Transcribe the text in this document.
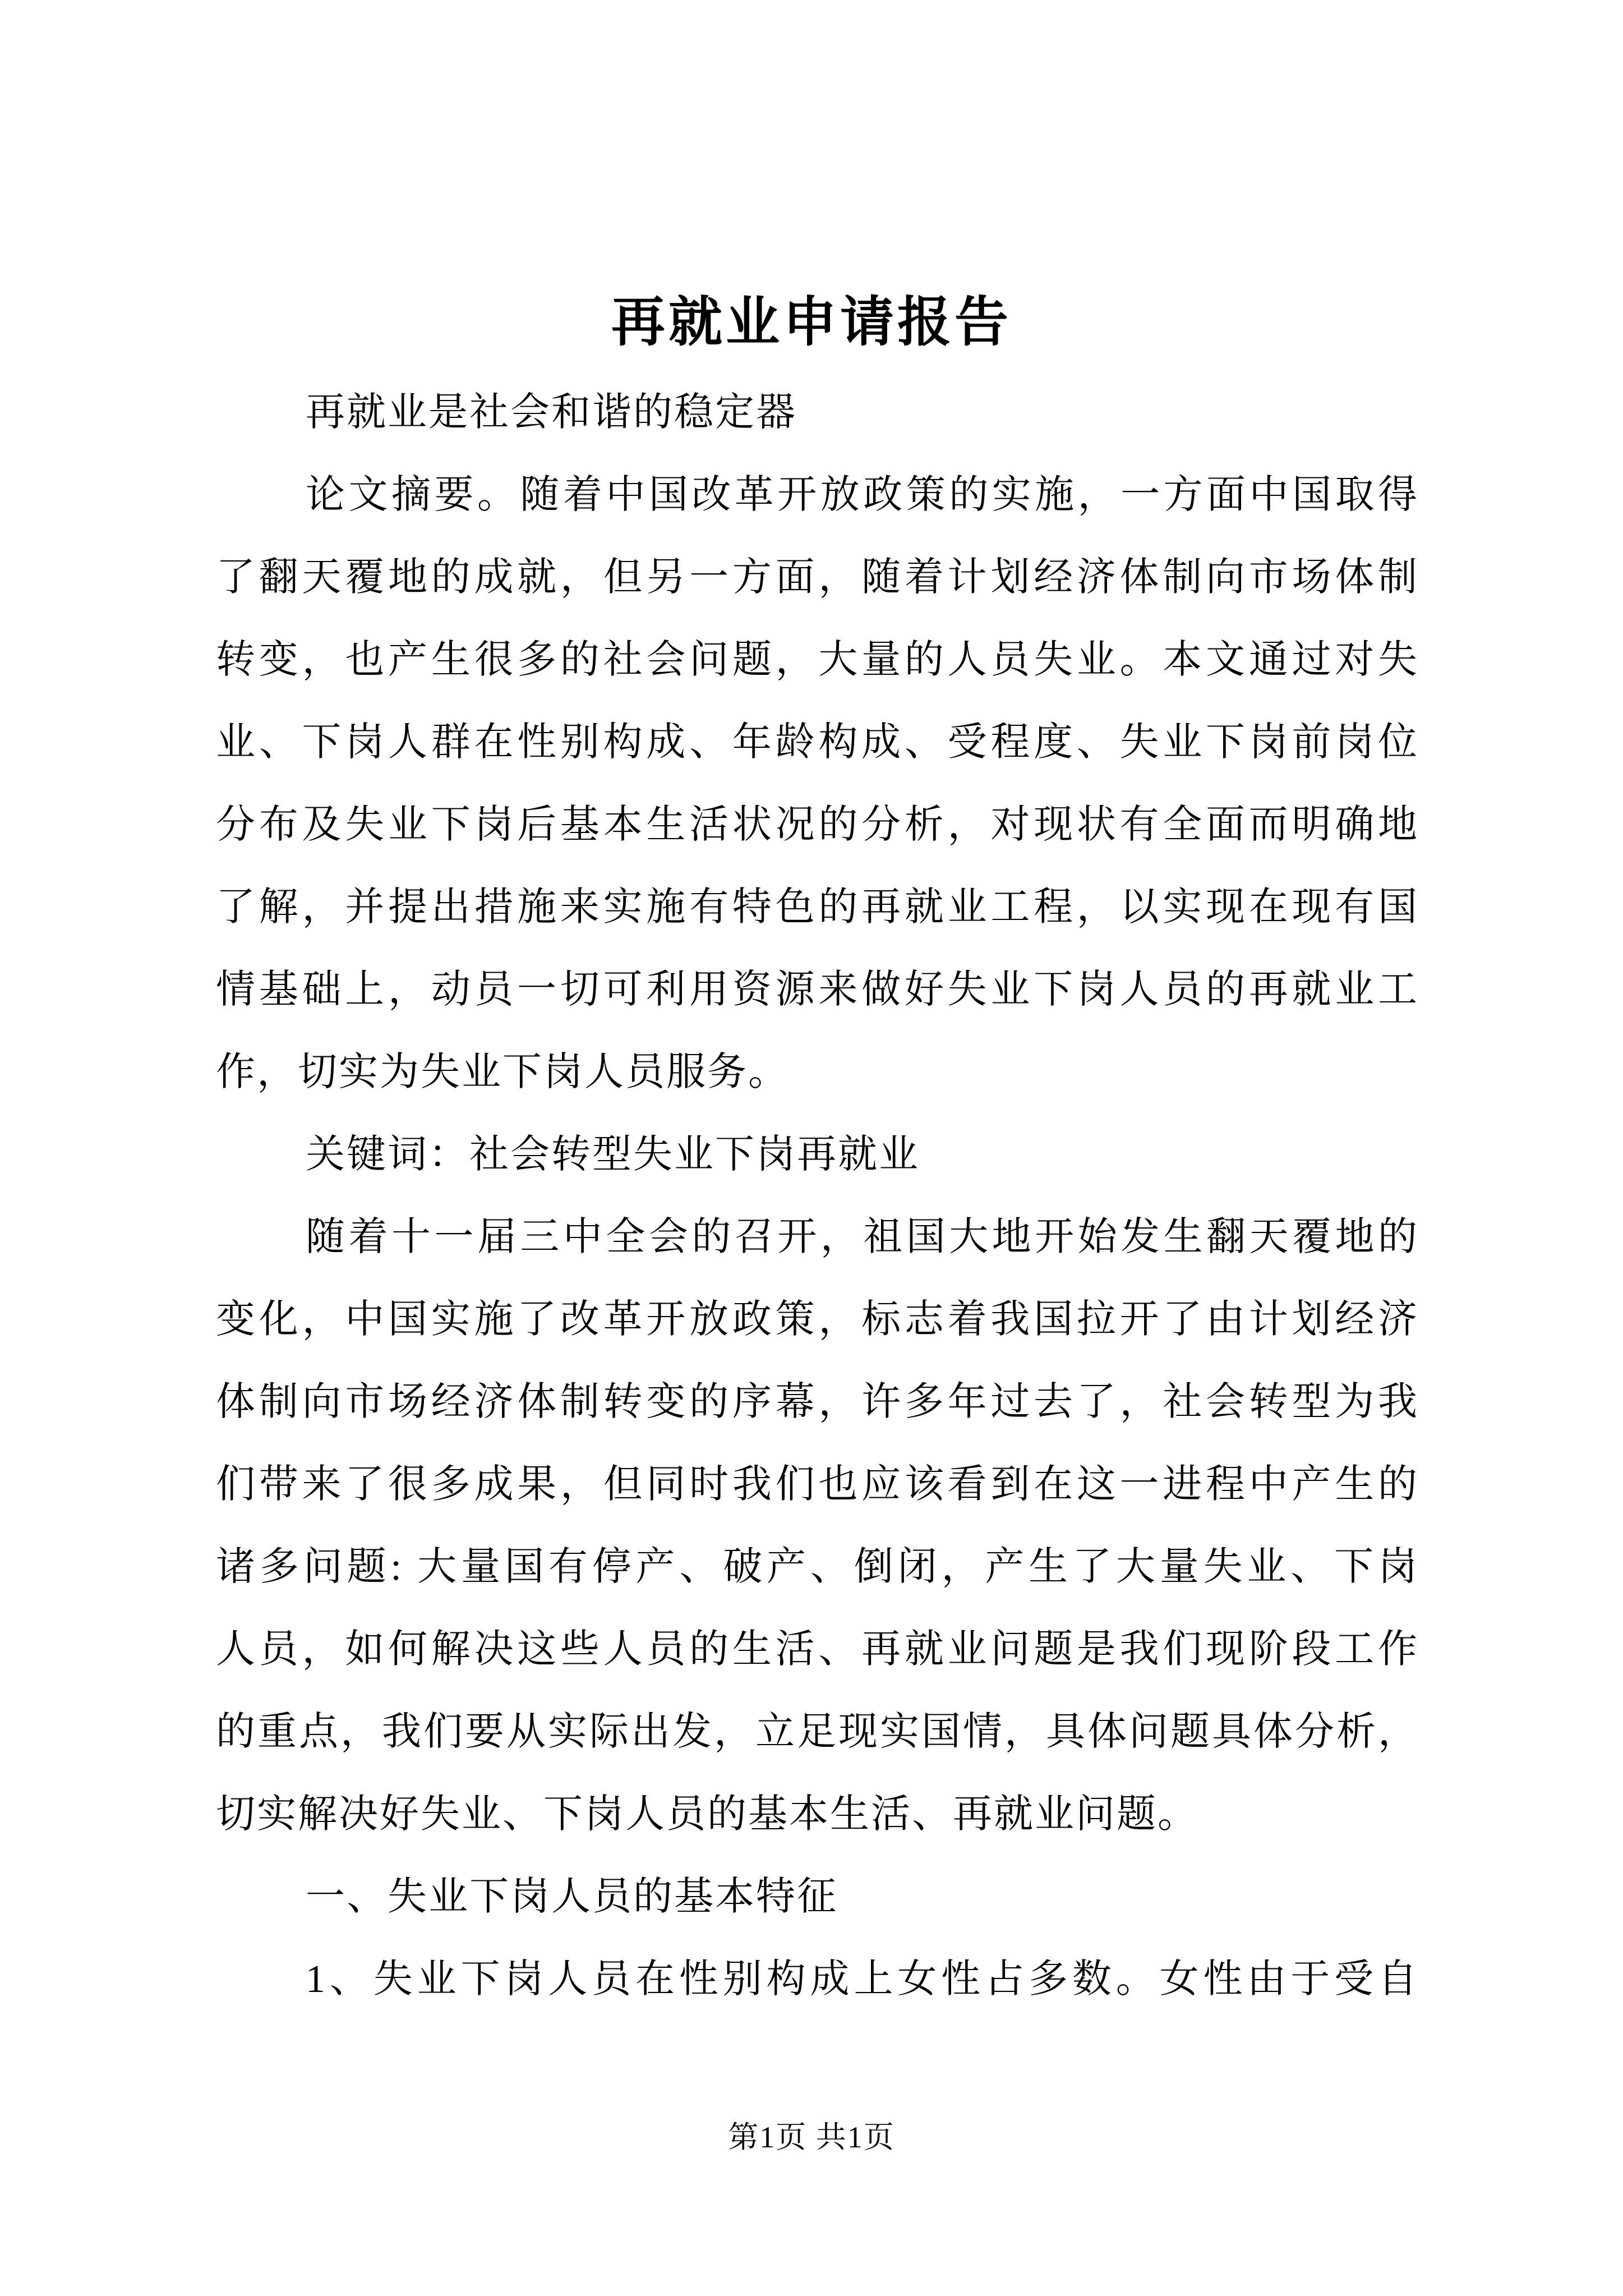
再就业申请报告
再就业是社会和谐的稳定器
论文摘要。随着中国改革开放政策的实施，一方面中国取得
了翻天覆地的成就，但另一方面，随着计划经济体制向市场体制
转变，也产生很多的社会问题，大量的人员失业。本文通过对失
业、下岗人群在性别构成、年龄构成、受程度、失业下岗前岗位
分布及失业下岗后基本生活状况的分析，对现状有全面而明确地
了解，并提出措施来实施有特色的再就业工程，以实现在现有国
情基础上，动员一切可利用资源来做好失业下岗人员的再就业工
作，切实为失业下岗人员服务。
关键词：社会转型失业下岗再就业
随着十一届三中全会的召开，祖国大地开始发生翻天覆地的
变化，中国实施了改革开放政策，标志着我国拉开了由计划经济
体制向市场经济体制转变的序幕，许多年过去了，社会转型为我
们带来了很多成果，但同时我们也应该看到在这一进程中产生的
诸多问题: 大量国有停产、破产、倒闭，产生了大量失业、下岗
人员，如何解决这些人员的生活、再就业问题是我们现阶段工作
的重点，我们要从实际出发，立足现实国情，具体问题具体分析，
切实解决好失业、下岗人员的基本生活、再就业问题。
一、失业下岗人员的基本特征
1、失业下岗人员在性别构成上女性占多数。女性由于受自
第1页 共1页
